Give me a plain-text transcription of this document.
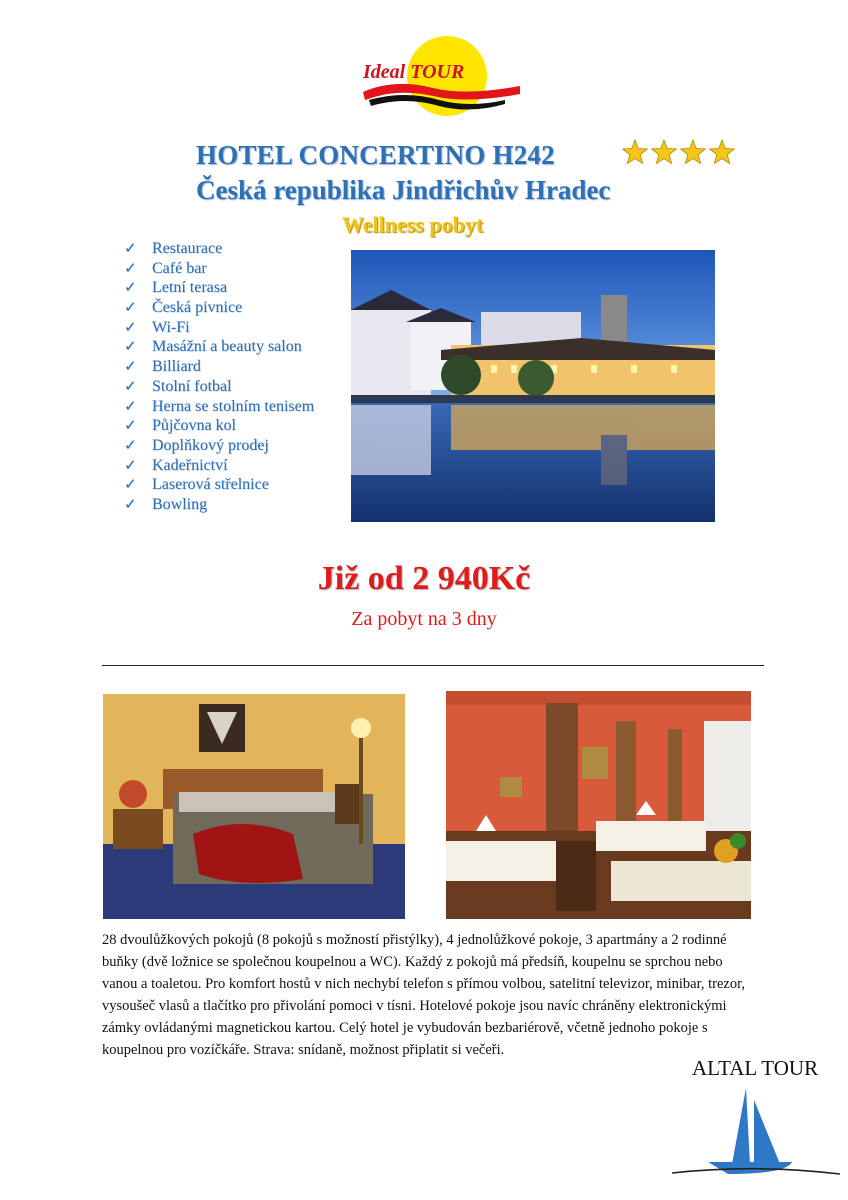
Ideal TOUR
HOTEL CONCERTINO H242
Česká republika Jindřichův Hradec
Wellness pobyt
✓ Restaurace
✓ Café bar
✓ Letní terasa
✓ Česká pivnice
✓ Wi-Fi
✓ Masážní a beauty salon
✓ Billiard
✓ Stolní fotbal
✓ Herna se stolním tenisem
✓ Půjčovna kol
✓ Doplňkový prodej
✓ Kadeřnictví
✓ Laserová střelnice
✓ Bowling
Již od 2 940Kč
Za pobyt na 3 dny
28 dvoulůžkových pokojů (8 pokojů s možností přistýlky), 4 jednolůžkové pokoje, 3 apartmány a 2 rodinné buňky (dvě ložnice se společnou koupelnou a WC). Každý z pokojů má předsíň, koupelnu se sprchou nebo vanou a toaletou. Pro komfort hostů v nich nechybí telefon s přímou volbou, satelitní televizor, minibar, trezor, vysoušeč vlasů a tlačítko pro přivolání pomoci v tísni. Hotelové pokoje jsou navíc chráněny elektronickými zámky ovládanými magnetickou kartou. Celý hotel je vybudován bezbariérově, včetně jednoho pokoje s koupelnou pro vozíčkáře. Strava: snídaně, možnost připlatit si večeři.
ALTAL TOUR
